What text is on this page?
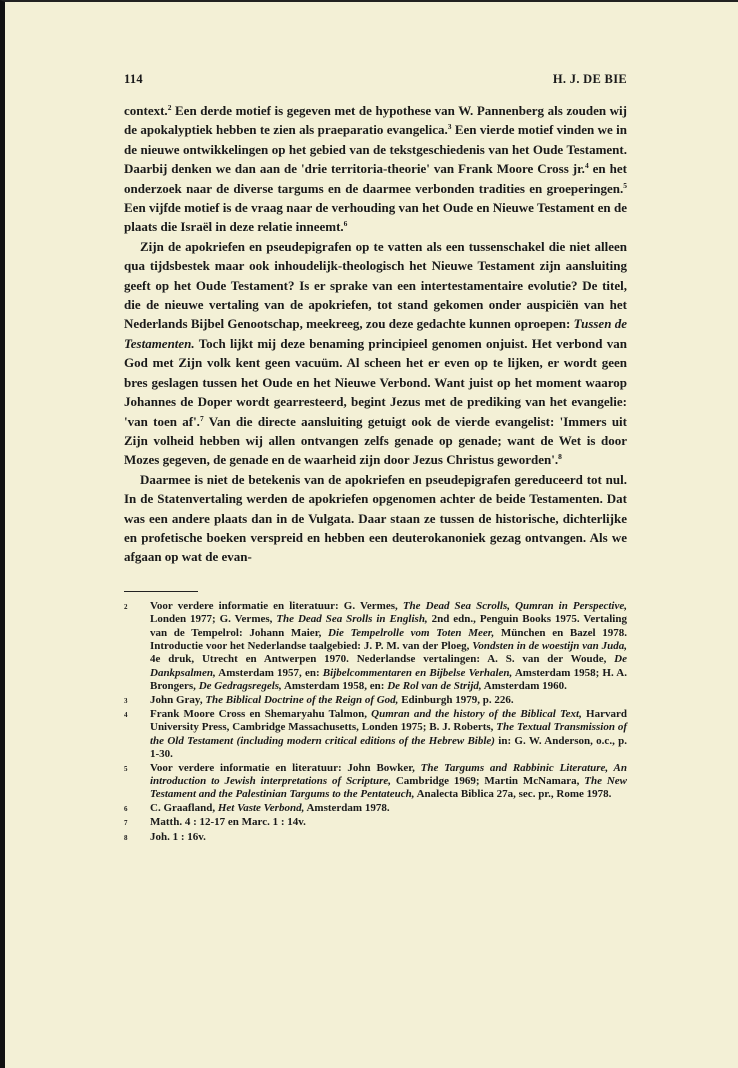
114	H. J. DE BIE

context.$^2$ Een derde motief is gegeven met de hypothese van W. Pannenberg als zouden wij de apokalyptiek hebben te zien als praeparatio evangelica.$^3$ Een vierde motief vinden we in de nieuwe ontwikkelingen op het gebied van de tekstgeschiedenis van het Oude Testament. Daarbij denken we dan aan de 'drie territoria-theorie' van Frank Moore Cross jr.$^4$ en het onderzoek naar de diverse targums en de daarmee verbonden tradities en groeperingen.$^5$ Een vijfde motief is de vraag naar de verhouding van het Oude en Nieuwe Testament en de plaats die Israël in deze relatie inneemt.$^6$

Zijn de apokriefen en pseudepigrafen op te vatten als een tussenschakel die niet alleen qua tijdsbestek maar ook inhoudelijk-theologisch het Nieuwe Testament zijn aansluiting geeft op het Oude Testament? Is er sprake van een intertestamentaire evolutie? De titel, die de nieuwe vertaling van de apokriefen, tot stand gekomen onder auspiciën van het Nederlands Bijbel Genootschap, meekreeg, zou deze gedachte kunnen oproepen: Tussen de Testamenten. Toch lijkt mij deze benaming principieel genomen onjuist. Het verbond van God met Zijn volk kent geen vacuüm. Al scheen het er even op te lijken, er wordt geen bres geslagen tussen het Oude en het Nieuwe Verbond. Want juist op het moment waarop Johannes de Doper wordt gearresteerd, begint Jezus met de prediking van het evangelie: 'van toen af'.$^7$ Van die directe aansluiting getuigt ook de vierde evangelist: 'Immers uit Zijn volheid hebben wij allen ontvangen zelfs genade op genade; want de Wet is door Mozes gegeven, de genade en de waarheid zijn door Jezus Christus geworden'.$^8$

Daarmee is niet de betekenis van de apokriefen en pseudepigrafen gereduceerd tot nul. In de Statenvertaling werden de apokriefen opgenomen achter de beide Testamenten. Dat was een andere plaats dan in de Vulgata. Daar staan ze tussen de historische, dichterlijke en profetische boeken verspreid en hebben een deuterokanoniek gezag ontvangen. Als we afgaan op wat de evan-

2	Voor verdere informatie en literatuur: G. Vermes, The Dead Sea Scrolls, Qumran in Perspective, Londen 1977; G. Vermes, The Dead Sea Srolls in English, 2nd edn., Penguin Books 1975. Vertaling van de Tempelrol: Johann Maier, Die Tempelrolle vom Toten Meer, München en Bazel 1978. Introductie voor het Nederlandse taalgebied: J. P. M. van der Ploeg, Vondsten in de woestijn van Juda, 4e druk, Utrecht en Antwerpen 1970. Nederlandse vertalingen: A. S. van der Woude, De Dankpsalmen, Amsterdam 1957, en: Bijbelcommentaren en Bijbelse Verhalen, Amsterdam 1958; H. A. Brongers, De Gedragsregels, Amsterdam 1958, en: De Rol van de Strijd, Amsterdam 1960.
3	John Gray, The Biblical Doctrine of the Reign of God, Edinburgh 1979, p. 226.
4	Frank Moore Cross en Shemaryahu Talmon, Qumran and the history of the Biblical Text, Harvard University Press, Cambridge Massachusetts, Londen 1975; B. J. Roberts, The Textual Transmission of the Old Testament (including modern critical editions of the Hebrew Bible) in: G. W. Anderson, o.c., p. 1-30.
5	Voor verdere informatie en literatuur: John Bowker, The Targums and Rabbinic Literature, An introduction to Jewish interpretations of Scripture, Cambridge 1969; Martin McNamara, The New Testament and the Palestinian Targums to the Pentateuch, Analecta Biblica 27a, sec. pr., Rome 1978.
6	C. Graafland, Het Vaste Verbond, Amsterdam 1978.
7	Matth. 4 : 12-17 en Marc. 1 : 14v.
8	Joh. 1 : 16v.
